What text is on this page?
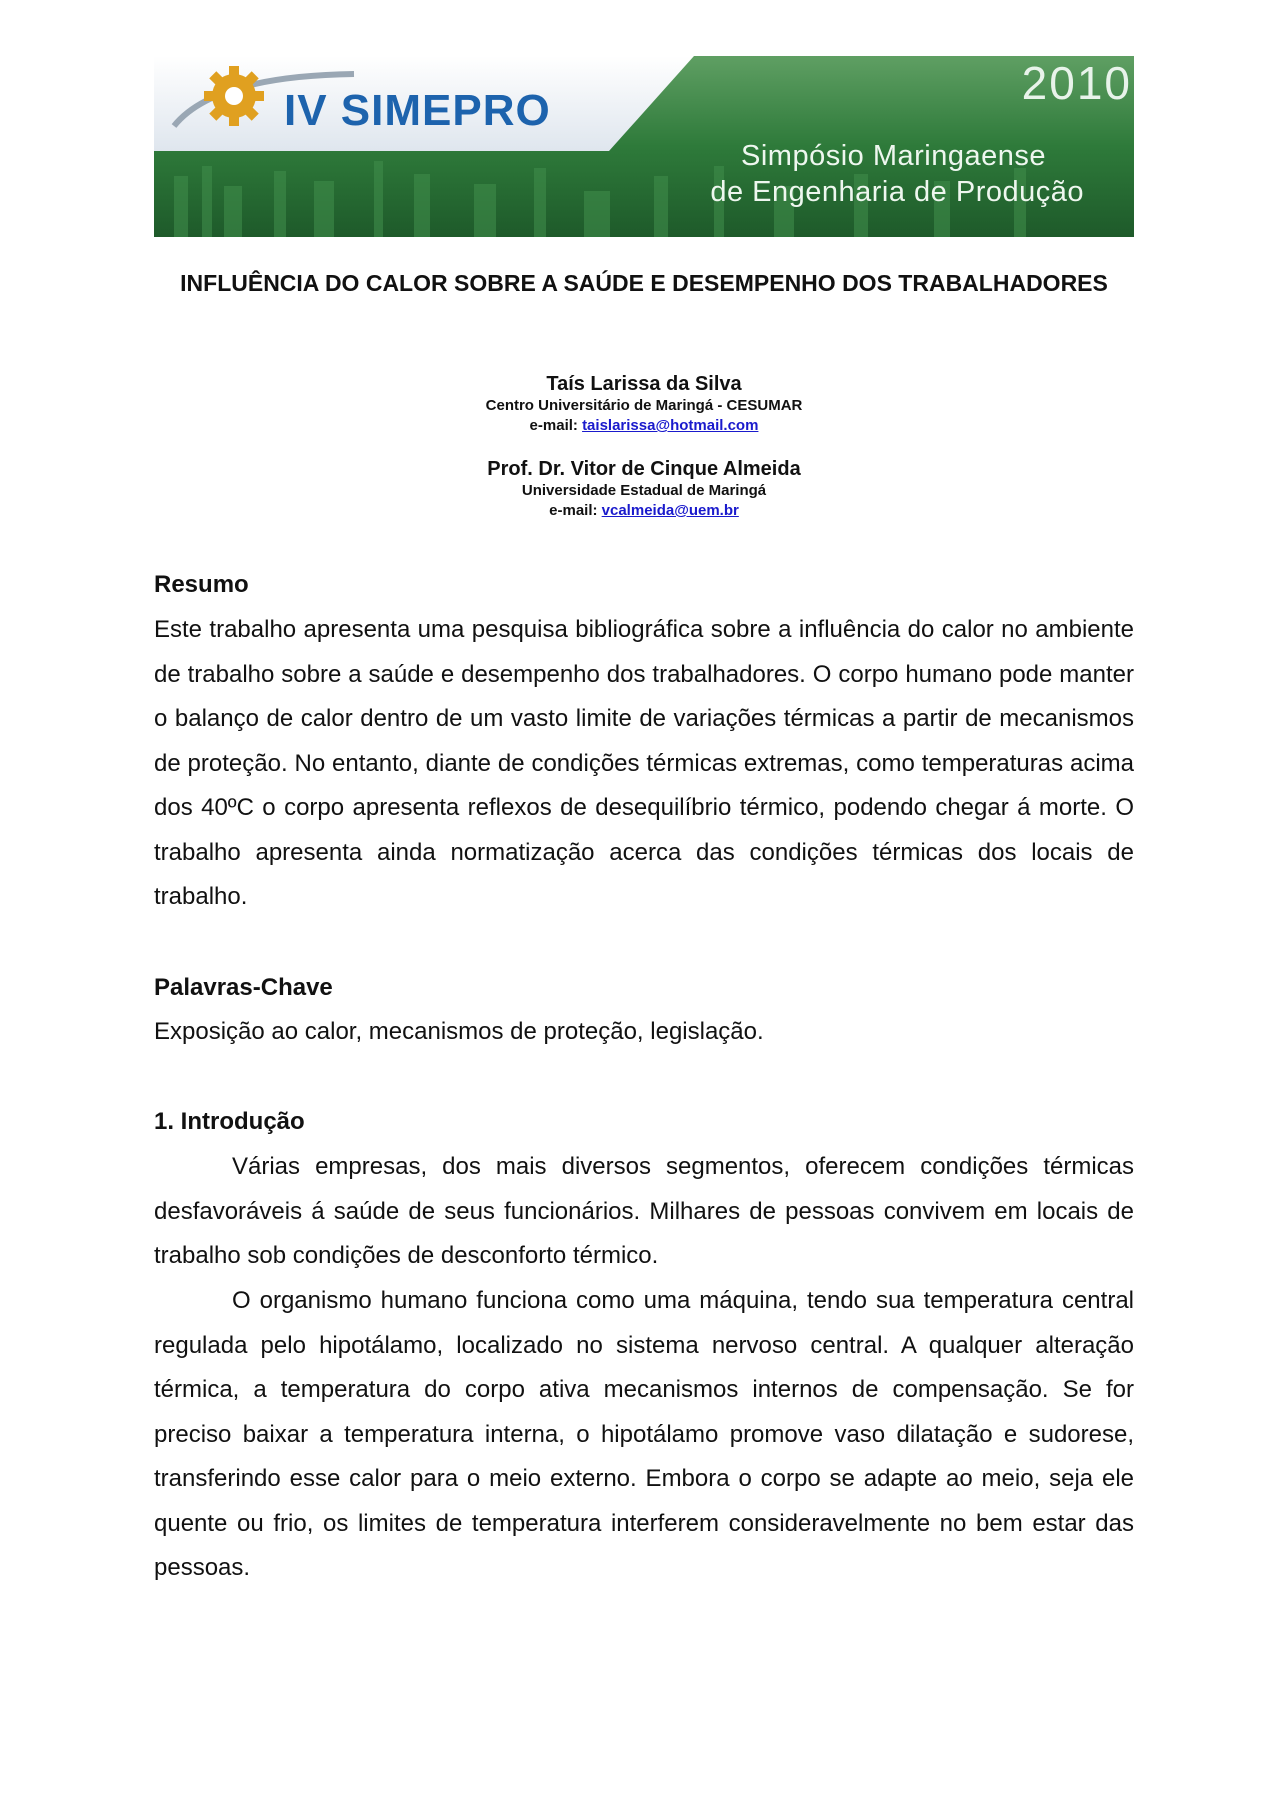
IV SIMEPRO
2010
Simpósio Maringaense
de Engenharia de Produção
INFLUÊNCIA DO CALOR SOBRE A SAÚDE E DESEMPENHO DOS TRABALHADORES
Taís Larissa da Silva
Centro Universitário de Maringá - CESUMAR
e-mail: taislarissa@hotmail.com
Prof. Dr. Vitor de Cinque Almeida
Universidade Estadual de Maringá
e-mail: vcalmeida@uem.br
Resumo

Este trabalho apresenta uma pesquisa bibliográfica sobre a influência do calor no ambiente de trabalho sobre a saúde e desempenho dos trabalhadores. O corpo humano pode manter o balanço de calor dentro de um vasto limite de variações térmicas a partir de mecanismos de proteção. No entanto, diante de condições térmicas extremas, como temperaturas acima dos 40ºC o corpo apresenta reflexos de desequilíbrio térmico, podendo chegar á morte. O trabalho apresenta ainda normatização acerca das condições térmicas dos locais de trabalho.

Palavras-Chave

Exposição ao calor, mecanismos de proteção, legislação.

1. Introdução

Várias empresas, dos mais diversos segmentos, oferecem condições térmicas desfavoráveis á saúde de seus funcionários. Milhares de pessoas convivem em locais de trabalho sob condições de desconforto térmico.

O organismo humano funciona como uma máquina, tendo sua temperatura central regulada pelo hipotálamo, localizado no sistema nervoso central. A qualquer alteração térmica, a temperatura do corpo ativa mecanismos internos de compensação. Se for preciso baixar a temperatura interna, o hipotálamo promove vaso dilatação e sudorese, transferindo esse calor para o meio externo. Embora o corpo se adapte ao meio, seja ele quente ou frio, os limites de temperatura interferem consideravelmente no bem estar das pessoas.
